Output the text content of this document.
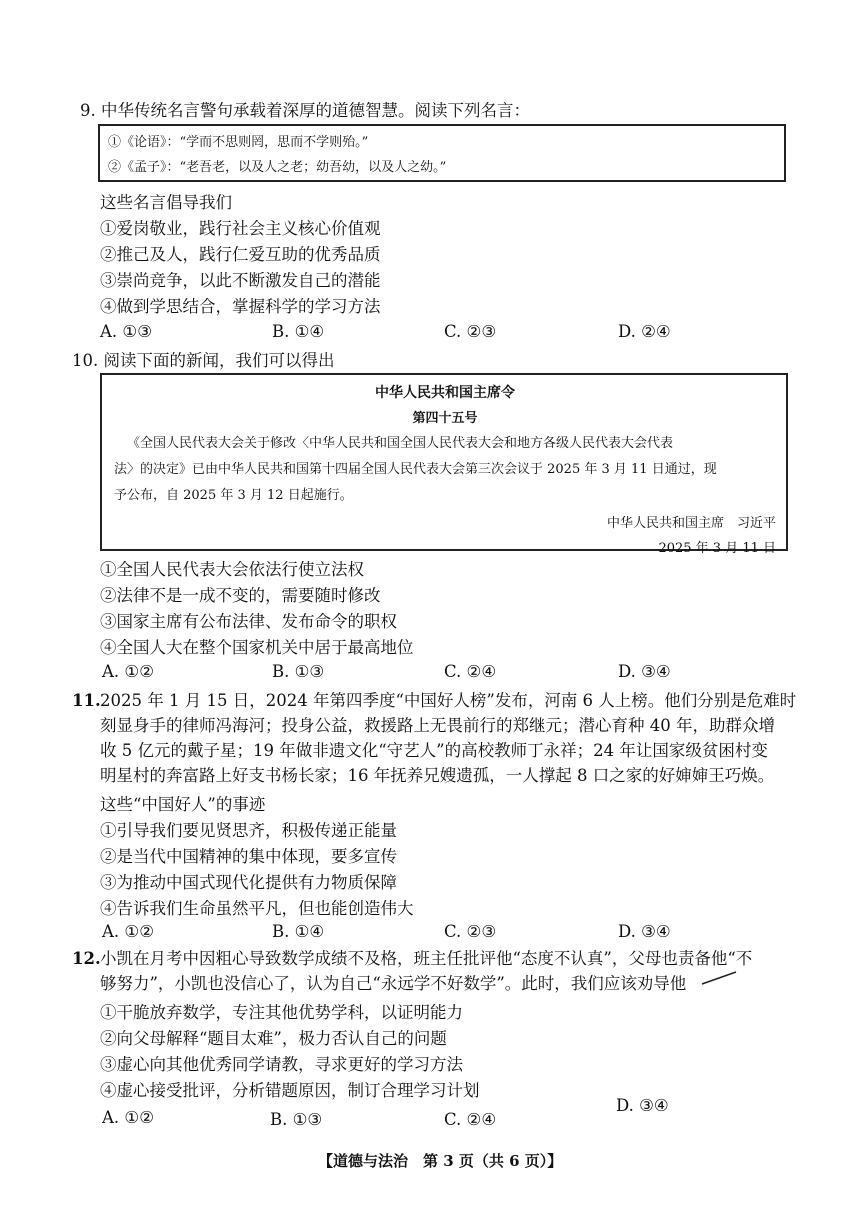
9. 中华传统名言警句承载着深厚的道德智慧。阅读下列名言：
①《论语》：“学而不思则罔，思而不学则殆。”
②《孟子》：“老吾老，以及人之老；幼吾幼，以及人之幼。”
这些名言倡导我们
①爱岗敬业，践行社会主义核心价值观
②推己及人，践行仁爱互助的优秀品质
③崇尚竞争，以此不断激发自己的潜能
④做到学思结合，掌握科学的学习方法
A. ①③	B. ①④	C. ②③	D. ②④
10. 阅读下面的新闻，我们可以得出
中华人民共和国主席令
第四十五号
《全国人民代表大会关于修改〈中华人民共和国全国人民代表大会和地方各级人民代表大会代表
法〉的决定》已由中华人民共和国第十四届全国人民代表大会第三次会议于 2025 年 3 月 11 日通过，现
予公布，自 2025 年 3 月 12 日起施行。
中华人民共和国主席　习近平
2025 年 3 月 11 日
①全国人民代表大会依法行使立法权
②法律不是一成不变的，需要随时修改
③国家主席有公布法律、发布命令的职权
④全国人大在整个国家机关中居于最高地位
A. ①②	B. ①③	C. ②④	D. ③④
11. 2025 年 1 月 15 日，2024 年第四季度“中国好人榜”发布，河南 6 人上榜。他们分别是危难时
刻显身手的律师冯海河；投身公益，救援路上无畏前行的郑继元；潜心育种 40 年，助群众增
收 5 亿元的戴子星；19 年做非遗文化“守艺人”的高校教师丁永祥；24 年让国家级贫困村变
明星村的奔富路上好支书杨长家；16 年抚养兄嫂遗孤，一人撑起 8 口之家的好婶婶王巧焕。
这些“中国好人”的事迹
①引导我们要见贤思齐，积极传递正能量
②是当代中国精神的集中体现，要多宣传
③为推动中国式现代化提供有力物质保障
④告诉我们生命虽然平凡，但也能创造伟大
A. ①②	B. ①④	C. ②③	D. ③④
12. 小凯在月考中因粗心导致数学成绩不及格，班主任批评他“态度不认真”，父母也责备他“不
够努力”，小凯也没信心了，认为自己“永远学不好数学”。此时，我们应该劝导他
①干脆放弃数学，专注其他优势学科，以证明能力
②向父母解释“题目太难”，极力否认自己的问题
③虚心向其他优秀同学请教，寻求更好的学习方法
④虚心接受批评，分析错题原因，制订合理学习计划
A. ①②	B. ①③	C. ②④
D. ③④
【道德与法治　第 3 页（共 6 页）】
